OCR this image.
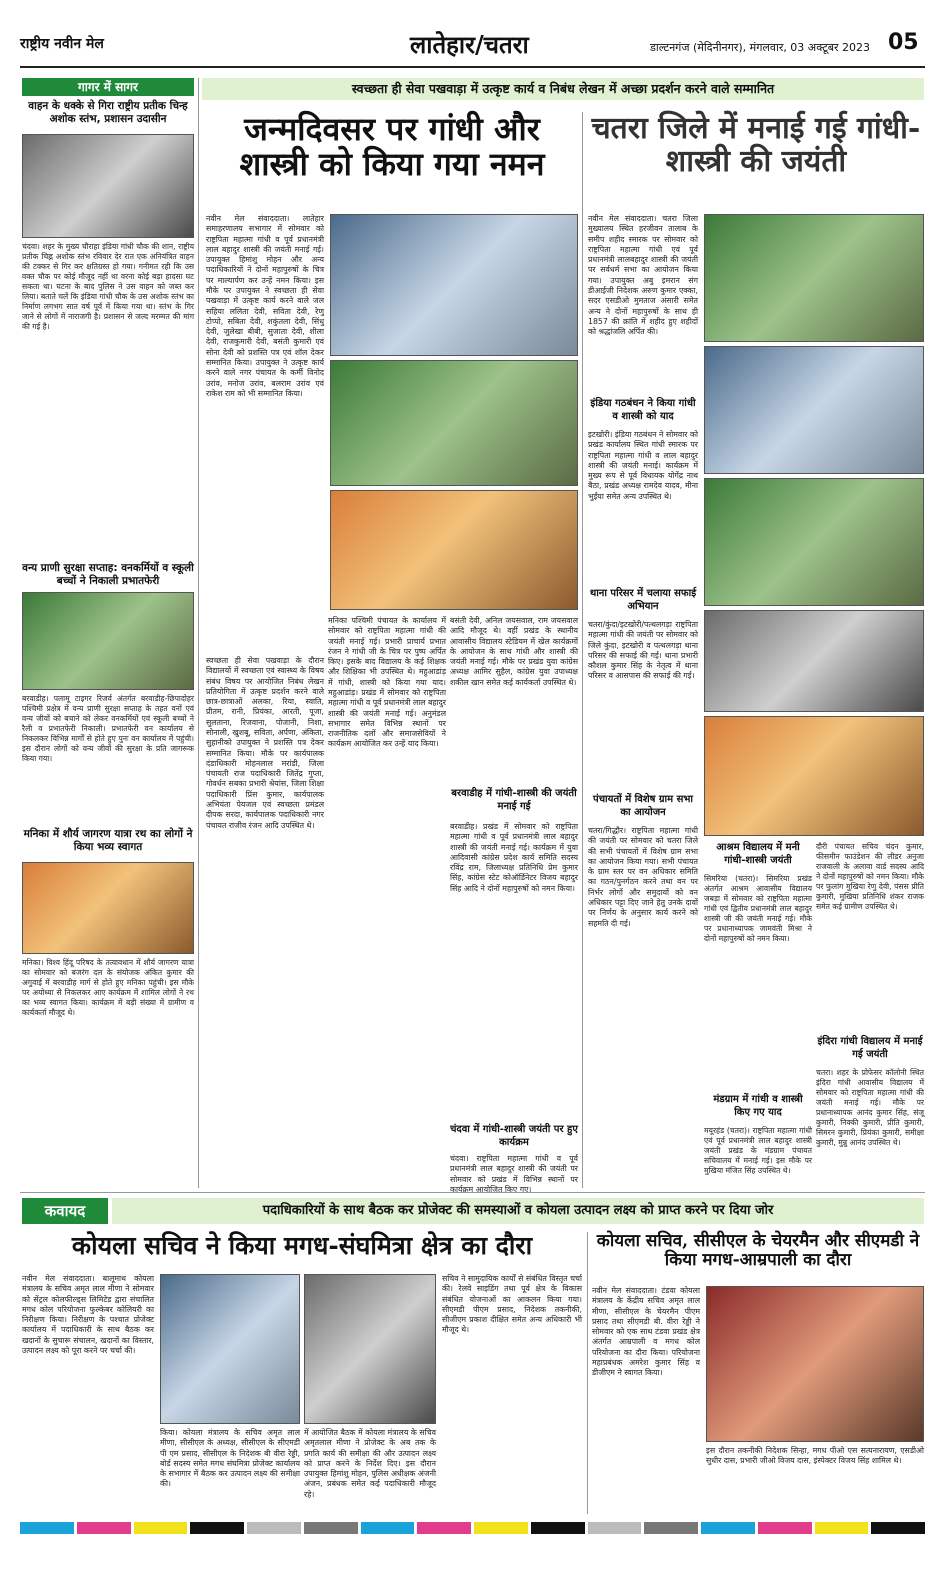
राष्ट्रीय नवीन मेल	लातेहार/चतरा	डाल्टनगंज (मेदिनीनगर), मंगलवार, 03 अक्टूबर 2023 05
गागर में सागर
वाहन के धक्के से गिरा राष्ट्रीय प्रतीक चिन्ह अशोक स्तंभ, प्रशासन उदासीन
चंदवा। शहर के मुख्य चौराहा इंडिया गांधी चौक की शान, राष्ट्रीय प्रतीक चिह्न अशोक स्तंभ रविवार देर रात एक अनियंत्रित वाहन की टक्कर से गिर कर क्षतिग्रस्त हो गया। गनीमत रही कि उस वक्त चौक पर कोई मौजूद नहीं था वरना कोई बड़ा हादसा घट सकता था। घटना के बाद पुलिस ने उस वाहन को जब्त कर लिया। बताते चलें कि इंडिया गांधी चौक के उस अशोक स्तंभ का निर्माण लगभग सात वर्ष पूर्व में किया गया था। स्तंभ के गिर जाने से लोगों में नाराजगी है। प्रशासन से जल्द मरम्मत की मांग की गई है।
वन्य प्राणी सुरक्षा सप्ताह: वनकर्मियों व स्कूली बच्चों ने निकाली प्रभातफेरी
बरवाडीह। पलामू टाइगर रिजर्व अंतर्गत बरवाडीह-छिपादोहर पश्चिमी प्रक्षेत्र में वन्य प्राणी सुरक्षा सप्ताह के तहत वनों एवं वन्य जीवों को बचाने को लेकर वनकर्मियों एवं स्कूली बच्चों ने रैली व प्रभातफेरी निकाली। प्रभातफेरी वन कार्यालय से निकलकर विभिन्न मार्गों से होते हुए पुनः वन कार्यालय में पहुंची। इस दौरान लोगों को वन्य जीवों की सुरक्षा के प्रति जागरूक किया गया।
मनिका में शौर्य जागरण यात्रा रथ का लोगों ने किया भव्य स्वागत
मनिका। विश्व हिंदू परिषद के तत्वावधान में शौर्य जागरण यात्रा का सोमवार को बजरंग दल के संयोजक अंकित कुमार की अगुवाई में बरवाडीह मार्ग से होते हुए मनिका पहुंची। इस मौके पर अयोध्या से निकलकर आए कार्यक्रम में शामिल लोगों ने रथ का भव्य स्वागत किया। कार्यक्रम में बड़ी संख्या में ग्रामीण व कार्यकर्ता मौजूद थे।
स्वच्छता ही सेवा पखवाड़ा में उत्कृष्ट कार्य व निबंध लेखन में अच्छा प्रदर्शन करने वाले सम्मानित
जन्मदिवसर पर गांधी और शास्त्री को किया गया नमन
नवीन मेल संवाददाता। लातेहार समाहरणालय सभागार में सोमवार को राष्ट्रपिता महात्मा गांधी व पूर्व प्रधानमंत्री लाल बहादुर शास्त्री की जयंती मनाई गई। उपायुक्त हिमांशु मोहन और अन्य पदाधिकारियों ने दोनों महापुरुषों के चित्र पर माल्यार्पण कर उन्हें नमन किया। इस मौके पर उपायुक्त ने स्वच्छता ही सेवा पखवाड़ा में उत्कृष्ट कार्य करने वाले जल सहिया ललिता देवी, सविता देवी, रेणु टोप्पो, सबिता देवी, शकुंतला देवी, सिंधु देवी, जुलेखा बीबी, सुजाता देवी, शीला देवी, राजकुमारी देवी, बसंती कुमारी एवं सोना देवी को प्रशस्ति पत्र एवं शॉल देकर सम्मानित किया। उपायुक्त ने उत्कृष्ट कार्य करने वाले नगर पंचायत के कर्मी विनोद उरांव, मनोज उरांव, बलराम उरांव एवं राकेश राम को भी सम्मानित किया।
स्वच्छता ही सेवा पखवाड़ा के दौरान विद्यालयों में स्वच्छता एवं स्वास्थ्य के विषय संबंध विषय पर आयोजित निबंध लेखन प्रतियोगिता में उत्कृष्ट प्रदर्शन करने वाले छात्र-छात्राओं अलका, रिया, स्वाति, प्रीतम, रानी, प्रियंका, आरती, पूजा, सुलताना, रिजवाना, पोजानी, निशा, सोनाली, खुशबू, सविता, अर्पणा, अंकिता, सुहानीको उपायुक्त ने प्रशस्ति पत्र देकर सम्मानित किया। मौके पर कार्यपालक दंडाधिकारी मोहनलाल मरांडी, जिला पंचायती राज पदाधिकारी जितेंद्र गुप्ता, गोवर्धन सबका प्रभारी श्रेयांस, जिला शिक्षा पदाधिकारी प्रिंस कुमार, कार्यपालक अभियंता पेयजल एवं स्वच्छता प्रमंडल दीपक सरदा, कार्यपालक पदाधिकारी नगर पंचायत राजीव रंजन आदि उपस्थित थे।
मनिका पश्चिमी पंचायत के कार्यालय में सोमवार को राष्ट्रपिता महात्मा गांधी की जयंती मनाई गई। प्रभारी प्राचार्य प्रभात रंजन ने गांधी जी के चित्र पर पुष्प अर्पित किए। इसके बाद विद्यालय के कई शिक्षक और शिक्षिका भी उपस्थित थे। महुआडांड़ में गांधी, शास्त्री को किया गया याद। महुआडांड़। प्रखंड में सोमवार को राष्ट्रपिता महात्मा गांधी व पूर्व प्रधानमंत्री लाल बहादुर शास्त्री की जयंती मनाई गई। अनुमंडल सभागार समेत विभिन्न स्थानों पर राजनीतिक दलों और समाजसेवियों ने कार्यक्रम आयोजित कर उन्हें याद किया।
बसंती देवी, अनिल जयसवाल, राम जयसवाल आदि मौजूद थे। वहीं प्रखंड के स्थानीय आवासीय विद्यालय स्टेडियम में खेल कार्यक्रमों के आयोजन के साथ गांधी और शास्त्री की जयंती मनाई गई। मौके पर प्रखंड युवा कांग्रेस अध्यक्ष आमिर सुहैल, कांग्रेस युवा उपाध्यक्ष शकील खान समेत कई कार्यकर्ता उपस्थित थे।
बरवाडीह में गांधी-शास्त्री की जयंती मनाई गई
बरवाडीह। प्रखंड में सोमवार को राष्ट्रपिता महात्मा गांधी व पूर्व प्रधानमंत्री लाल बहादुर शास्त्री की जयंती मनाई गई। कार्यक्रम में युवा आदिवासी कांग्रेस प्रदेश कार्य समिति सदस्य रविंद्र राम, जिलाध्यक्ष प्रतिनिधि प्रेम कुमार सिंह, कांग्रेस स्टेट कोऑर्डिनेटर विजय बहादुर सिंह आदि ने दोनों महापुरुषों को नमन किया।
चंदवा में गांधी-शास्त्री जयंती पर हुए कार्यक्रम
चंदवा। राष्ट्रपिता महात्मा गांधी व पूर्व प्रधानमंत्री लाल बहादुर शास्त्री की जयंती पर सोमवार को प्रखंड में विभिन्न स्थानों पर कार्यक्रम आयोजित किए गए।
चतरा जिले में मनाई गई गांधी-शास्त्री की जयंती
नवीन मेल संवाददाता। चतरा जिला मुख्यालय स्थित हरजीवन तालाब के समीप शहीद स्मारक पर सोमवार को राष्ट्रपिता महात्मा गांधी एवं पूर्व प्रधानमंत्री लालबहादुर शास्त्री की जयंती पर सर्वधर्म सभा का आयोजन किया गया। उपायुक्त अबु इमरान संग डीआईजी निदेशक अरुण कुमार एक्का, सदर एसडीओ मुमताज अंसारी समेत अन्य ने दोनों महापुरुषों के साथ ही 1857 की क्रांति में शहीद हुए शहीदों को श्रद्धांजलि अर्पित की।
इंडिया गठबंधन ने किया गांधी व शास्त्री को याद
इटखोरी। इंडिया गठबंधन ने सोमवार को प्रखंड कार्यालय स्थित गांधी स्मारक पर राष्ट्रपिता महात्मा गांधी व लाल बहादुर शास्त्री की जयंती मनाई। कार्यक्रम में मुख्य रूप से पूर्व विधायक योगेंद्र नाथ बैठा, प्रखंड अध्यक्ष रामदेव यादव, मीना भुईंया समेत अन्य उपस्थित थे।
थाना परिसर में चलाया सफाई अभियान
चतरा/कुंदा/इटखोरी/पत्थलगड़ा राष्ट्रपिता महात्मा गांधी की जयंती पर सोमवार को जिले कुंदा, इटखोरी व पत्थलगड़ा थाना परिसर की सफाई की गई। थाना प्रभारी कौशल कुमार सिंह के नेतृत्व में थाना परिसर व आसपास की सफाई की गई।
पंचायतों में विशेष ग्राम सभा का आयोजन
चतरा/गिद्धौर। राष्ट्रपिता महात्मा गांधी की जयंती पर सोमवार को चतरा जिले की सभी पंचायतों में विशेष ग्राम सभा का आयोजन किया गया। सभी पंचायत के ग्राम स्तर पर वन अधिकार समिति का गठन/पुनर्गठन करने तथा वन पर निर्भर लोगों और समुदायों को वन अधिकार पट्टा दिए जाने हेतु उनके दावों पर निर्णय के अनुसार कार्य करने को सहमति दी गई।
आश्रम विद्यालय में मनी गांधी-शास्त्री जयंती
सिमरिया (चतरा)। सिमरिया प्रखंड अंतर्गत आश्रम आवासीय विद्यालय जबड़ा में सोमवार को राष्ट्रपिता महात्मा गांधी एवं द्वितीय प्रधानमंत्री लाल बहादुर शास्त्री जी की जयंती मनाई गई। मौके पर प्रधानाध्यापक जामवंती मिश्रा ने दोनों महापुरुषों को नमन किया।
मंडग्राम में गांधी व शास्त्री किए गए याद
मयूरहंड (चतरा)। राष्ट्रपिता महात्मा गांधी एवं पूर्व प्रधानमंत्री लाल बहादुर शास्त्री जयंती प्रखंड के मंडग्राम पंचायत सचिवालय में मनाई गई। इस मौके पर मुखिया मंजित सिंह उपस्थित थे।
दौरी पंचायत सचिव चंदन कुमार, फीसमीन फाउंडेशन की लीडर अनुजा राजवाली के अलावा वार्ड सदस्य आदि ने दोनों महापुरुषों को नमन किया। मौके पर फुलांग मुखिया रेणु देवी, पंसस प्रीति कुमारी, मुखिया प्रतिनिधि शंकर राजक समेत कई ग्रामीण उपस्थित थे।
इंदिरा गांधी विद्यालय में मनाई गई जयंती
चतरा। शहर के प्रोफेसर कॉलोनी स्थित इंदिरा गांधी आवासीय विद्यालय में सोमवार को राष्ट्रपिता महात्मा गांधी की जयंती मनाई गई। मौके पर प्रधानाध्यापक आनंद कुमार सिंह, संजू कुमारी, निक्की कुमारी, प्रीति कुमारी, सिमरन कुमारी, प्रियंका कुमारी, समीक्षा कुमारी, मुन्नु आनंद उपस्थित थे।
कवायद	पदाधिकारियों के साथ बैठक कर प्रोजेक्ट की समस्याओं व कोयला उत्पादन लक्ष्य को प्राप्त करने पर दिया जोर
कोयला सचिव ने किया मगध-संघमित्रा क्षेत्र का दौरा
नवीन मेल संवाददाता। बालूमाथ कोयला मंत्रालय के सचिव अमृत लाल मीणा ने सोमवार को सेंट्रल कोलफील्ड्स लिमिटेड द्वारा संचालित मगध कोल परियोजना फुल्केबर कोलियरी का निरीक्षण किया। निरीक्षण के पश्चात प्रोजेक्ट कार्यालय में पदाधिकारी के साथ बैठक कर खदानों के सुचारू संचालन, खदानों का विस्तार, उत्पादन लक्ष्य को पूरा करने पर चर्चा की।
किया। कोयला मंत्रालय के सचिव अमृत लाल मीणा, सीसीएल के अध्यक्ष, सीसीएल के सीएमडी पी एम प्रसाद, सीसीएल के निदेशक बी वीरा रेड्डी, बोर्ड सदस्य समेत मगध संघमित्रा प्रोजेक्ट कार्यालय के सभागार में बैठक कर उत्पादन लक्ष्य की समीक्षा की।
में आयोजित बैठक में कोयला मंत्रालय के सचिव अमृतलाल मीणा ने प्रोजेक्ट के अब तक के प्रगति कार्य की समीक्षा की और उत्पादन लक्ष्य को प्राप्त करने के निर्देश दिए। इस दौरान उपायुक्त हिमांशु मोहन, पुलिस अधीक्षक अंजनी अंजन, प्रबंधक समेत कई पदाधिकारी मौजूद रहे।
सचिव ने सामुदायिक कार्यों से संबंधित विस्तृत चर्चा की। रेलवे साइडिंग तथा पूर्व क्षेत्र के विकास संबंधित योजनाओं का आकलन किया गया। सीएमडी पीएम प्रसाद, निदेशक तकनीकी, सीजीएम प्रकाश दीक्षित समेत अन्य अधिकारी भी मौजूद थे।
कोयला सचिव, सीसीएल के चेयरमैन और सीएमडी ने किया मगध-आम्रपाली का दौरा
नवीन मेल संवाददाता। टंडवा कोयला मंत्रालय के केंद्रीय सचिव अमृत लाल मीणा, सीसीएल के चेयरमैन पीएम प्रसाद तथा सीएमडी बी. वीरा रेड्डी ने सोमवार को एक साथ टंडवा प्रखंड क्षेत्र अंतर्गत आम्रपाली व मगध कोल परियोजना का दौरा किया। परियोजना महाप्रबंधक अमरेश कुमार सिंह व डीजीएम ने स्वागत किया।
इस दौरान तकनीकी निदेशक सिन्हा, मगध पीओ एस सत्यनारायण, एसडीओ सुधीर दास, प्रभारी जीओ विजय दास, इंस्पेक्टर विजय सिंह शामिल थे।
